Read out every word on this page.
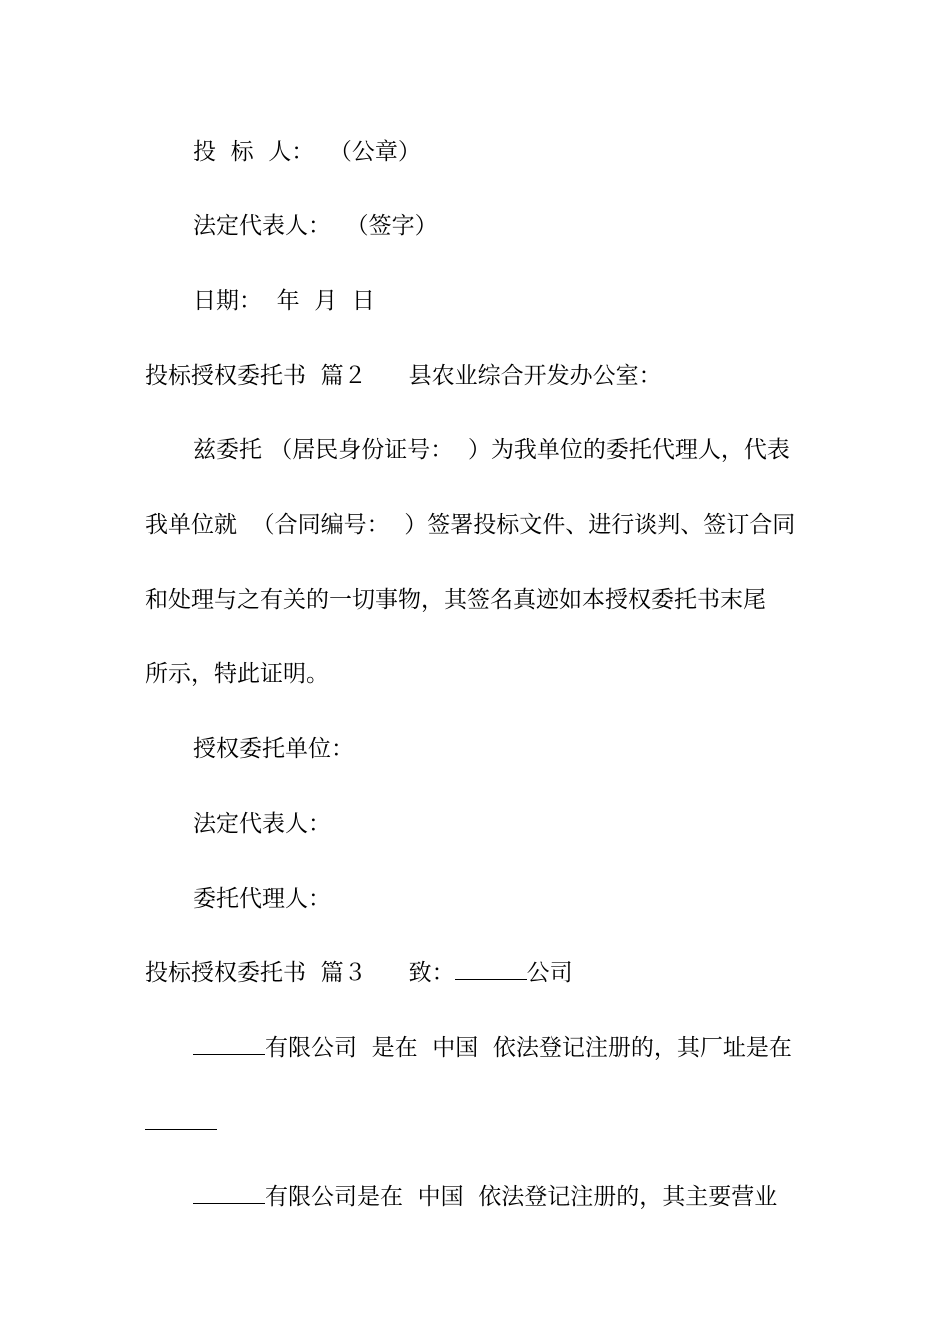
投  标  人：  （公章）
法定代表人：  （签字）
日期：  年  月  日
投标授权委托书  篇２ 县农业综合开发办公室：
兹委托 （居民身份证号：  ）为我单位的委托代理人，代表
我单位就  （合同编号：  ）签署投标文件、进行谈判、签订合同
和处理与之有关的一切事物，其签名真迹如本授权委托书末尾
所示，特此证明。
授权委托单位：
法定代表人：
委托代理人：
投标授权委托书  篇３ 致：	公司
有限公司  是在  中国  依法登记注册的，其厂址是在
有限公司是在  中国  依法登记注册的，其主要营业
